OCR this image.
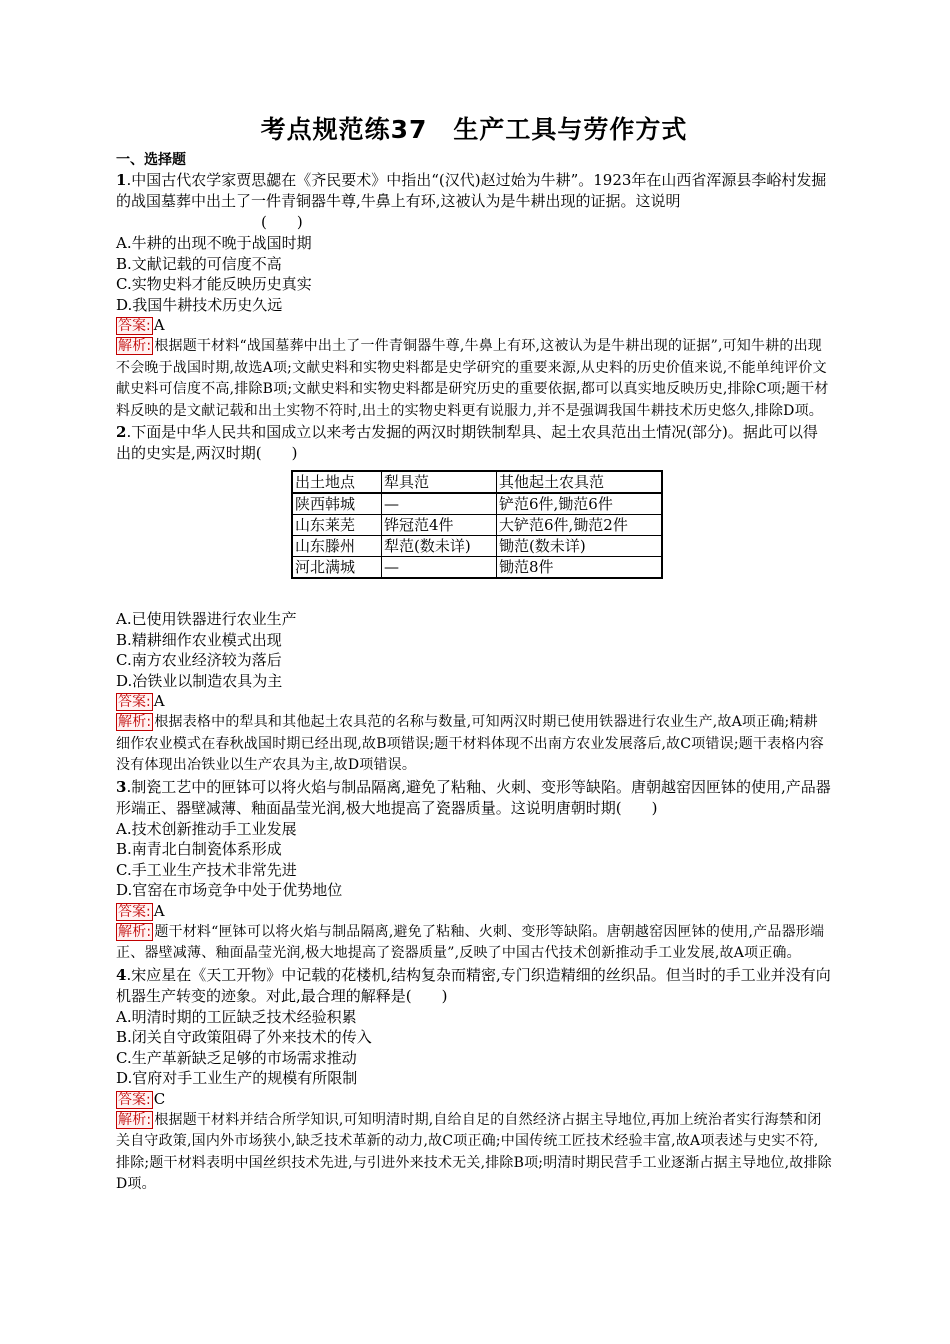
考点规范练37　生产工具与劳作方式
一、选择题

1.中国古代农学家贾思勰在《齐民要术》中指出“(汉代)赵过始为牛耕”。1923年在山西省浑源县李峪村发掘的战国墓葬中出土了一件青铜器牛尊,牛鼻上有环,这被认为是牛耕出现的证据。这说明
(　　)

A.牛耕的出现不晚于战国时期

B.文献记载的可信度不高

C.实物史料才能反映历史真实

D.我国牛耕技术历史久远

答案: A

解析: 根据题干材料“战国墓葬中出土了一件青铜器牛尊,牛鼻上有环,这被认为是牛耕出现的证据”,可知牛耕的出现不会晚于战国时期,故选A项;文献史料和实物史料都是史学研究的重要来源,从史料的历史价值来说,不能单纯评价文献史料可信度不高,排除B项;文献史料和实物史料都是研究历史的重要依据,都可以真实地反映历史,排除C项;题干材料反映的是文献记载和出土实物不符时,出土的实物史料更有说服力,并不是强调我国牛耕技术历史悠久,排除D项。

2.下面是中华人民共和国成立以来考古发掘的两汉时期铁制犁具、起土农具范出土情况(部分)。据此可以得出的史实是,两汉时期(　　)

出土地点	犁具范	其他起土农具范
陕西韩城	—	铲范6件,锄范6件
山东莱芜	铧冠范4件	大铲范6件,锄范2件
山东滕州	犁范(数未详)	锄范(数未详)
河北满城	—	锄范8件

A.已使用铁器进行农业生产

B.精耕细作农业模式出现

C.南方农业经济较为落后

D.冶铁业以制造农具为主

答案: A

解析: 根据表格中的犁具和其他起土农具范的名称与数量,可知两汉时期已使用铁器进行农业生产,故A项正确;精耕细作农业模式在春秋战国时期已经出现,故B项错误;题干材料体现不出南方农业发展落后,故C项错误;题干表格内容没有体现出冶铁业以生产农具为主,故D项错误。

3.制瓷工艺中的匣钵可以将火焰与制品隔离,避免了粘釉、火刺、变形等缺陷。唐朝越窑因匣钵的使用,产品器形端正、器壁减薄、釉面晶莹光润,极大地提高了瓷器质量。这说明唐朝时期(　　)

A.技术创新推动手工业发展

B.南青北白制瓷体系形成

C.手工业生产技术非常先进

D.官窑在市场竞争中处于优势地位

答案: A

解析: 题干材料“匣钵可以将火焰与制品隔离,避免了粘釉、火刺、变形等缺陷。唐朝越窑因匣钵的使用,产品器形端正、器壁减薄、釉面晶莹光润,极大地提高了瓷器质量”,反映了中国古代技术创新推动手工业发展,故A项正确。

4.宋应星在《天工开物》中记载的花楼机,结构复杂而精密,专门织造精细的丝织品。但当时的手工业并没有向机器生产转变的迹象。对此,最合理的解释是(　　)

A.明清时期的工匠缺乏技术经验积累

B.闭关自守政策阻碍了外来技术的传入

C.生产革新缺乏足够的市场需求推动

D.官府对手工业生产的规模有所限制

答案: C

解析: 根据题干材料并结合所学知识,可知明清时期,自给自足的自然经济占据主导地位,再加上统治者实行海禁和闭关自守政策,国内外市场狭小,缺乏技术革新的动力,故C项正确;中国传统工匠技术经验丰富,故A项表述与史实不符,排除;题干材料表明中国丝织技术先进,与引进外来技术无关,排除B项;明清时期民营手工业逐渐占据主导地位,故排除D项。
